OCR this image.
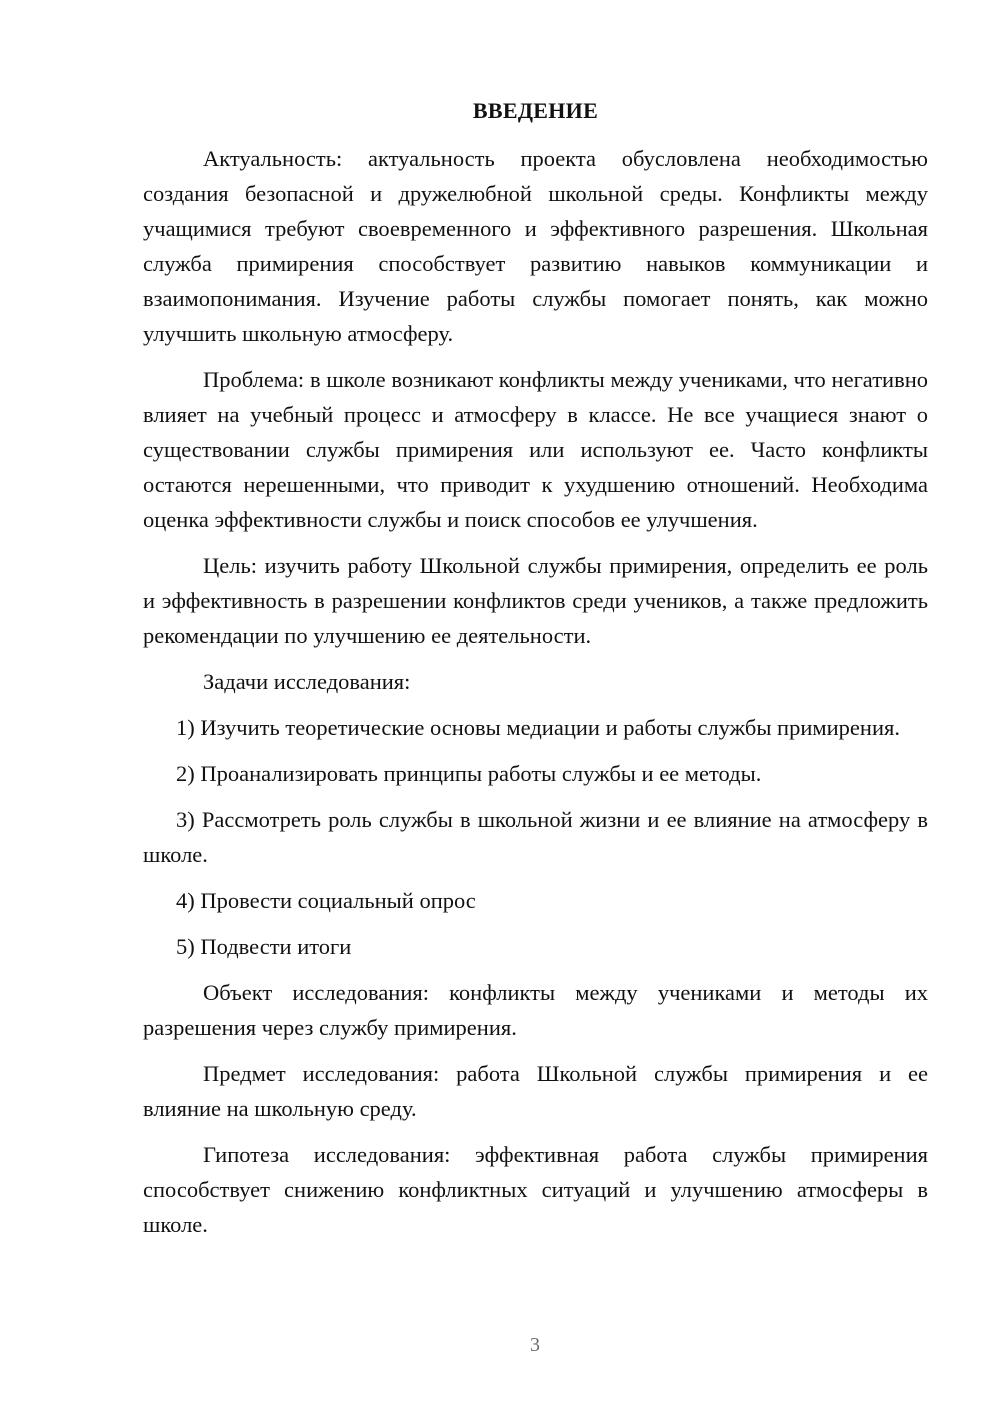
ВВЕДЕНИЕ

Актуальность: актуальность проекта обусловлена необходимостью создания безопасной и дружелюбной школьной среды. Конфликты между учащимися требуют своевременного и эффективного разрешения. Школьная служба примирения способствует развитию навыков коммуникации и взаимопонимания. Изучение работы службы помогает понять, как можно улучшить школьную атмосферу.

Проблема: в школе возникают конфликты между учениками, что негативно влияет на учебный процесс и атмосферу в классе. Не все учащиеся знают о существовании службы примирения или используют ее. Часто конфликты остаются нерешенными, что приводит к ухудшению отношений. Необходима оценка эффективности службы и поиск способов ее улучшения.

Цель: изучить работу Школьной службы примирения, определить ее роль и эффективность в разрешении конфликтов среди учеников, а также предложить рекомендации по улучшению ее деятельности.

Задачи исследования:

1) Изучить теоретические основы медиации и работы службы примирения.

2) Проанализировать принципы работы службы и ее методы.

3) Рассмотреть роль службы в школьной жизни и ее влияние на атмосферу в школе.

4) Провести социальный опрос

5) Подвести итоги

Объект исследования: конфликты между учениками и методы их разрешения через службу примирения.

Предмет исследования: работа Школьной службы примирения и ее влияние на школьную среду.

Гипотеза исследования: эффективная работа службы примирения способствует снижению конфликтных ситуаций и улучшению атмосферы в школе.

3
